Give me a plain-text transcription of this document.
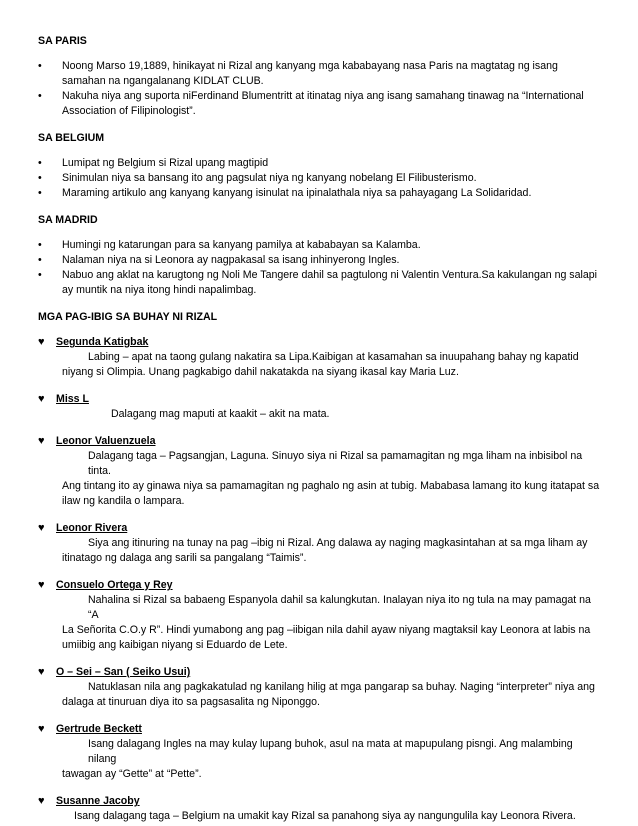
SA PARIS

• Noong Marso 19,1889, hinikayat ni Rizal ang kanyang mga kababayang nasa Paris na magtatag ng isang samahan na ngangalanang KIDLAT CLUB.
• Nakuha niya ang suporta niFerdinand Blumentritt at itinatag niya ang isang samahang tinawag na “International Association of Filipinologist”.

SA BELGIUM

• Lumipat ng Belgium si Rizal upang magtipid
• Sinimulan niya sa bansang ito ang pagsulat niya ng kanyang nobelang El Filibusterismo.
• Maraming artikulo ang kanyang kanyang isinulat na ipinalathala niya sa pahayagang La Solidaridad.

SA MADRID

• Humingi ng katarungan para sa kanyang pamilya at kababayan sa Kalamba.
• Nalaman niya na si Leonora ay nagpakasal sa isang inhinyerong Ingles.
• Nabuo ang aklat na karugtong ng Noli Me Tangere dahil sa pagtulong ni Valentin Ventura.Sa kakulangan ng salapi ay muntik na niya itong hindi napalimbag.

MGA PAG-IBIG SA BUHAY NI RIZAL

♥ Segunda Katigbak
Labing – apat na taong gulang nakatira sa Lipa.Kaibigan at kasamahan sa inuupahang bahay ng kapatid
niyang si Olimpia. Unang pagkabigo dahil nakatakda na siyang ikasal kay Maria Luz.
♥ Miss L
Dalagang mag maputi at kaakit – akit na mata.
♥ Leonor Valuenzuela
Dalagang taga – Pagsangjan, Laguna. Sinuyo siya ni Rizal sa pamamagitan ng mga liham na inbisibol na tinta.
Ang tintang ito ay ginawa niya sa pamamagitan ng paghalo ng asin at tubig. Mababasa lamang ito kung itatapat sa
ilaw ng kandila o lampara.
♥ Leonor Rivera
Siya ang itinuring na tunay na pag –ibig ni Rizal. Ang dalawa ay naging magkasintahan at sa mga liham ay
itinatago ng dalaga ang sarili sa pangalang “Taimis”.
♥ Consuelo Ortega y Rey
Nahalina si Rizal sa babaeng Espanyola dahil sa kalungkutan. Inalayan niya ito ng tula na may pamagat na “A
La Señorita C.O.y R”. Hindi yumabong ang pag –iibigan nila dahil ayaw niyang magtaksil kay Leonora at labis na
umiibig ang kaibigan niyang si Eduardo de Lete.
♥ O – Sei – San ( Seiko Usui)
Natuklasan nila ang pagkakatulad ng kanilang hilig at mga pangarap sa buhay. Naging “interpreter” niya ang
dalaga at tinuruan diya ito sa pagsasalita ng Niponggo.
♥ Gertrude Beckett
Isang dalagang Ingles na may kulay lupang buhok, asul na mata at mapupulang pisngi. Ang malambing nilang
tawagan ay “Gette” at “Pette”.
♥ Susanne Jacoby
Isang dalagang taga – Belgium na umakit kay Rizal sa panahong siya ay nangungulila kay Leonora Rivera.
